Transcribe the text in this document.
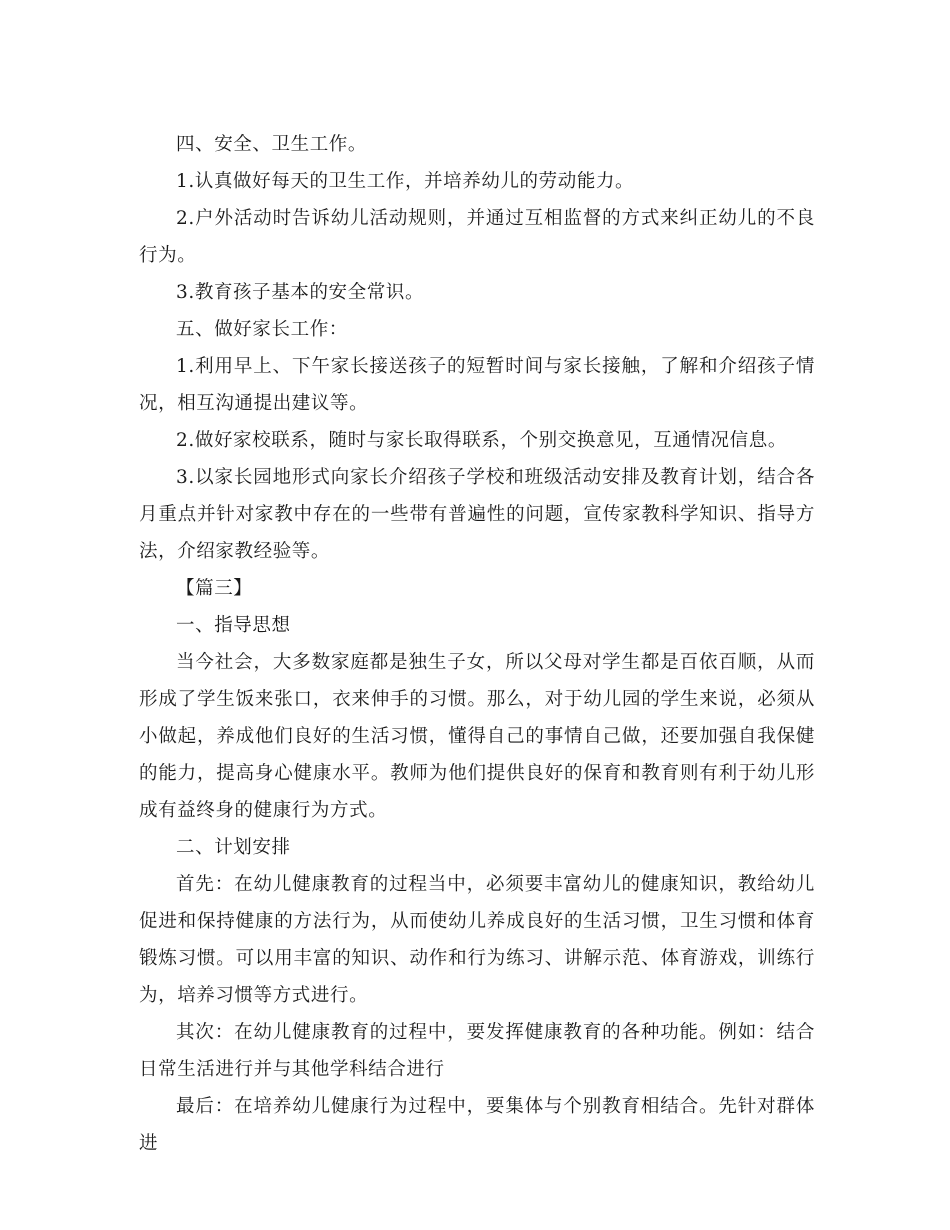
四、安全、卫生工作。

1.认真做好每天的卫生工作，并培养幼儿的劳动能力。

2.户外活动时告诉幼儿活动规则，并通过互相监督的方式来纠正幼儿的不良行为。

3.教育孩子基本的安全常识。

五、做好家长工作：

1.利用早上、下午家长接送孩子的短暂时间与家长接触，了解和介绍孩子情况，相互沟通提出建议等。

2.做好家校联系，随时与家长取得联系，个别交换意见，互通情况信息。

3.以家长园地形式向家长介绍孩子学校和班级活动安排及教育计划，结合各月重点并针对家教中存在的一些带有普遍性的问题，宣传家教科学知识、指导方法，介绍家教经验等。

【篇三】

一、指导思想

当今社会，大多数家庭都是独生子女，所以父母对学生都是百依百顺，从而形成了学生饭来张口，衣来伸手的习惯。那么，对于幼儿园的学生来说，必须从小做起，养成他们良好的生活习惯，懂得自己的事情自己做，还要加强自我保健的能力，提高身心健康水平。教师为他们提供良好的保育和教育则有利于幼儿形成有益终身的健康行为方式。

二、计划安排

首先：在幼儿健康教育的过程当中，必须要丰富幼儿的健康知识，教给幼儿促进和保持健康的方法行为，从而使幼儿养成良好的生活习惯，卫生习惯和体育锻炼习惯。可以用丰富的知识、动作和行为练习、讲解示范、体育游戏，训练行为，培养习惯等方式进行。

其次：在幼儿健康教育的过程中，要发挥健康教育的各种功能。例如：结合日常生活进行并与其他学科结合进行

最后：在培养幼儿健康行为过程中，要集体与个别教育相结合。先针对群体进
